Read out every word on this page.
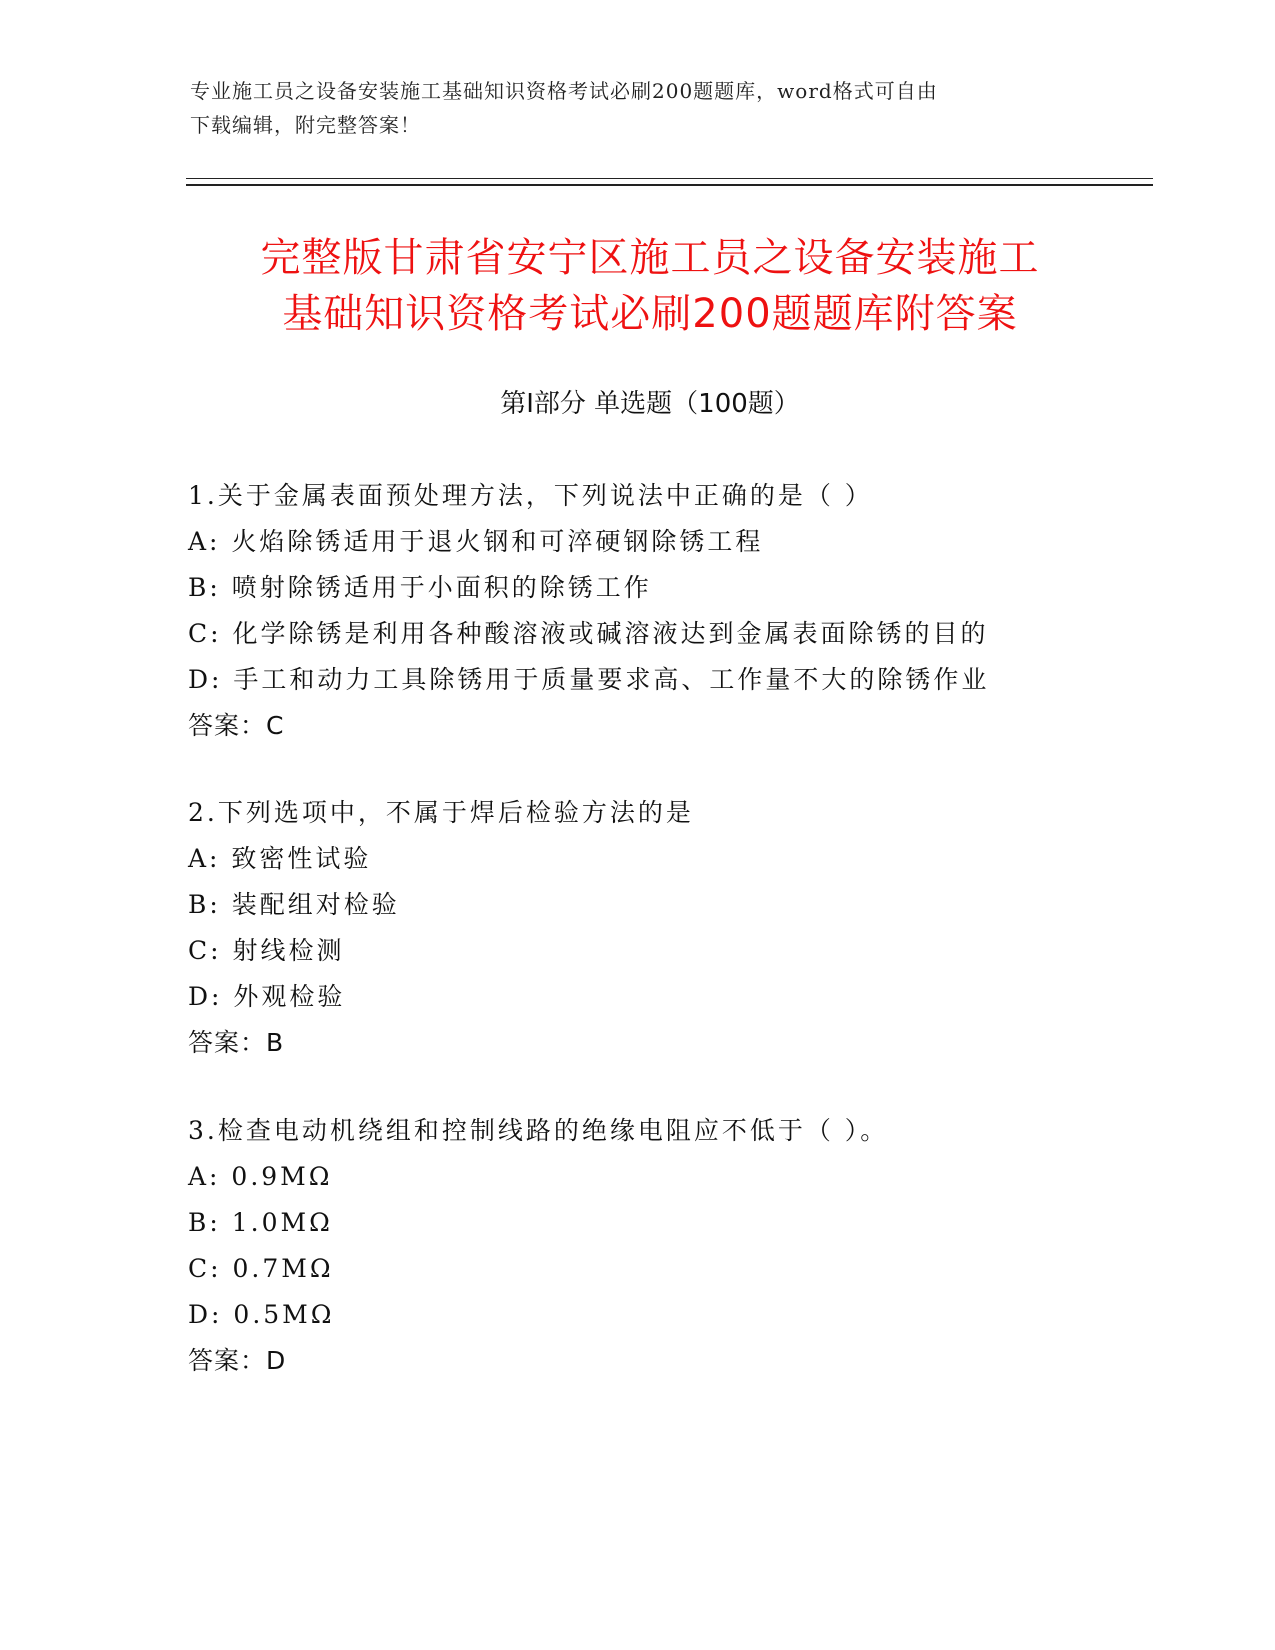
专业施工员之设备安装施工基础知识资格考试必刷200题题库，word格式可自由
下载编辑，附完整答案！
完整版甘肃省安宁区施工员之设备安装施工
基础知识资格考试必刷200题题库附答案
第I部分 单选题（100题）
1.关于金属表面预处理方法，下列说法中正确的是（ ）
A: 火焰除锈适用于退火钢和可淬硬钢除锈工程
B: 喷射除锈适用于小面积的除锈工作
C: 化学除锈是利用各种酸溶液或碱溶液达到金属表面除锈的目的
D: 手工和动力工具除锈用于质量要求高、工作量不大的除锈作业
答案：C
2.下列选项中，不属于焊后检验方法的是
A: 致密性试验
B: 装配组对检验
C: 射线检测
D: 外观检验
答案：B
3.检查电动机绕组和控制线路的绝缘电阻应不低于（ ）。
A: 0.9MΩ
B: 1.0MΩ
C: 0.7MΩ
D: 0.5MΩ
答案：D
